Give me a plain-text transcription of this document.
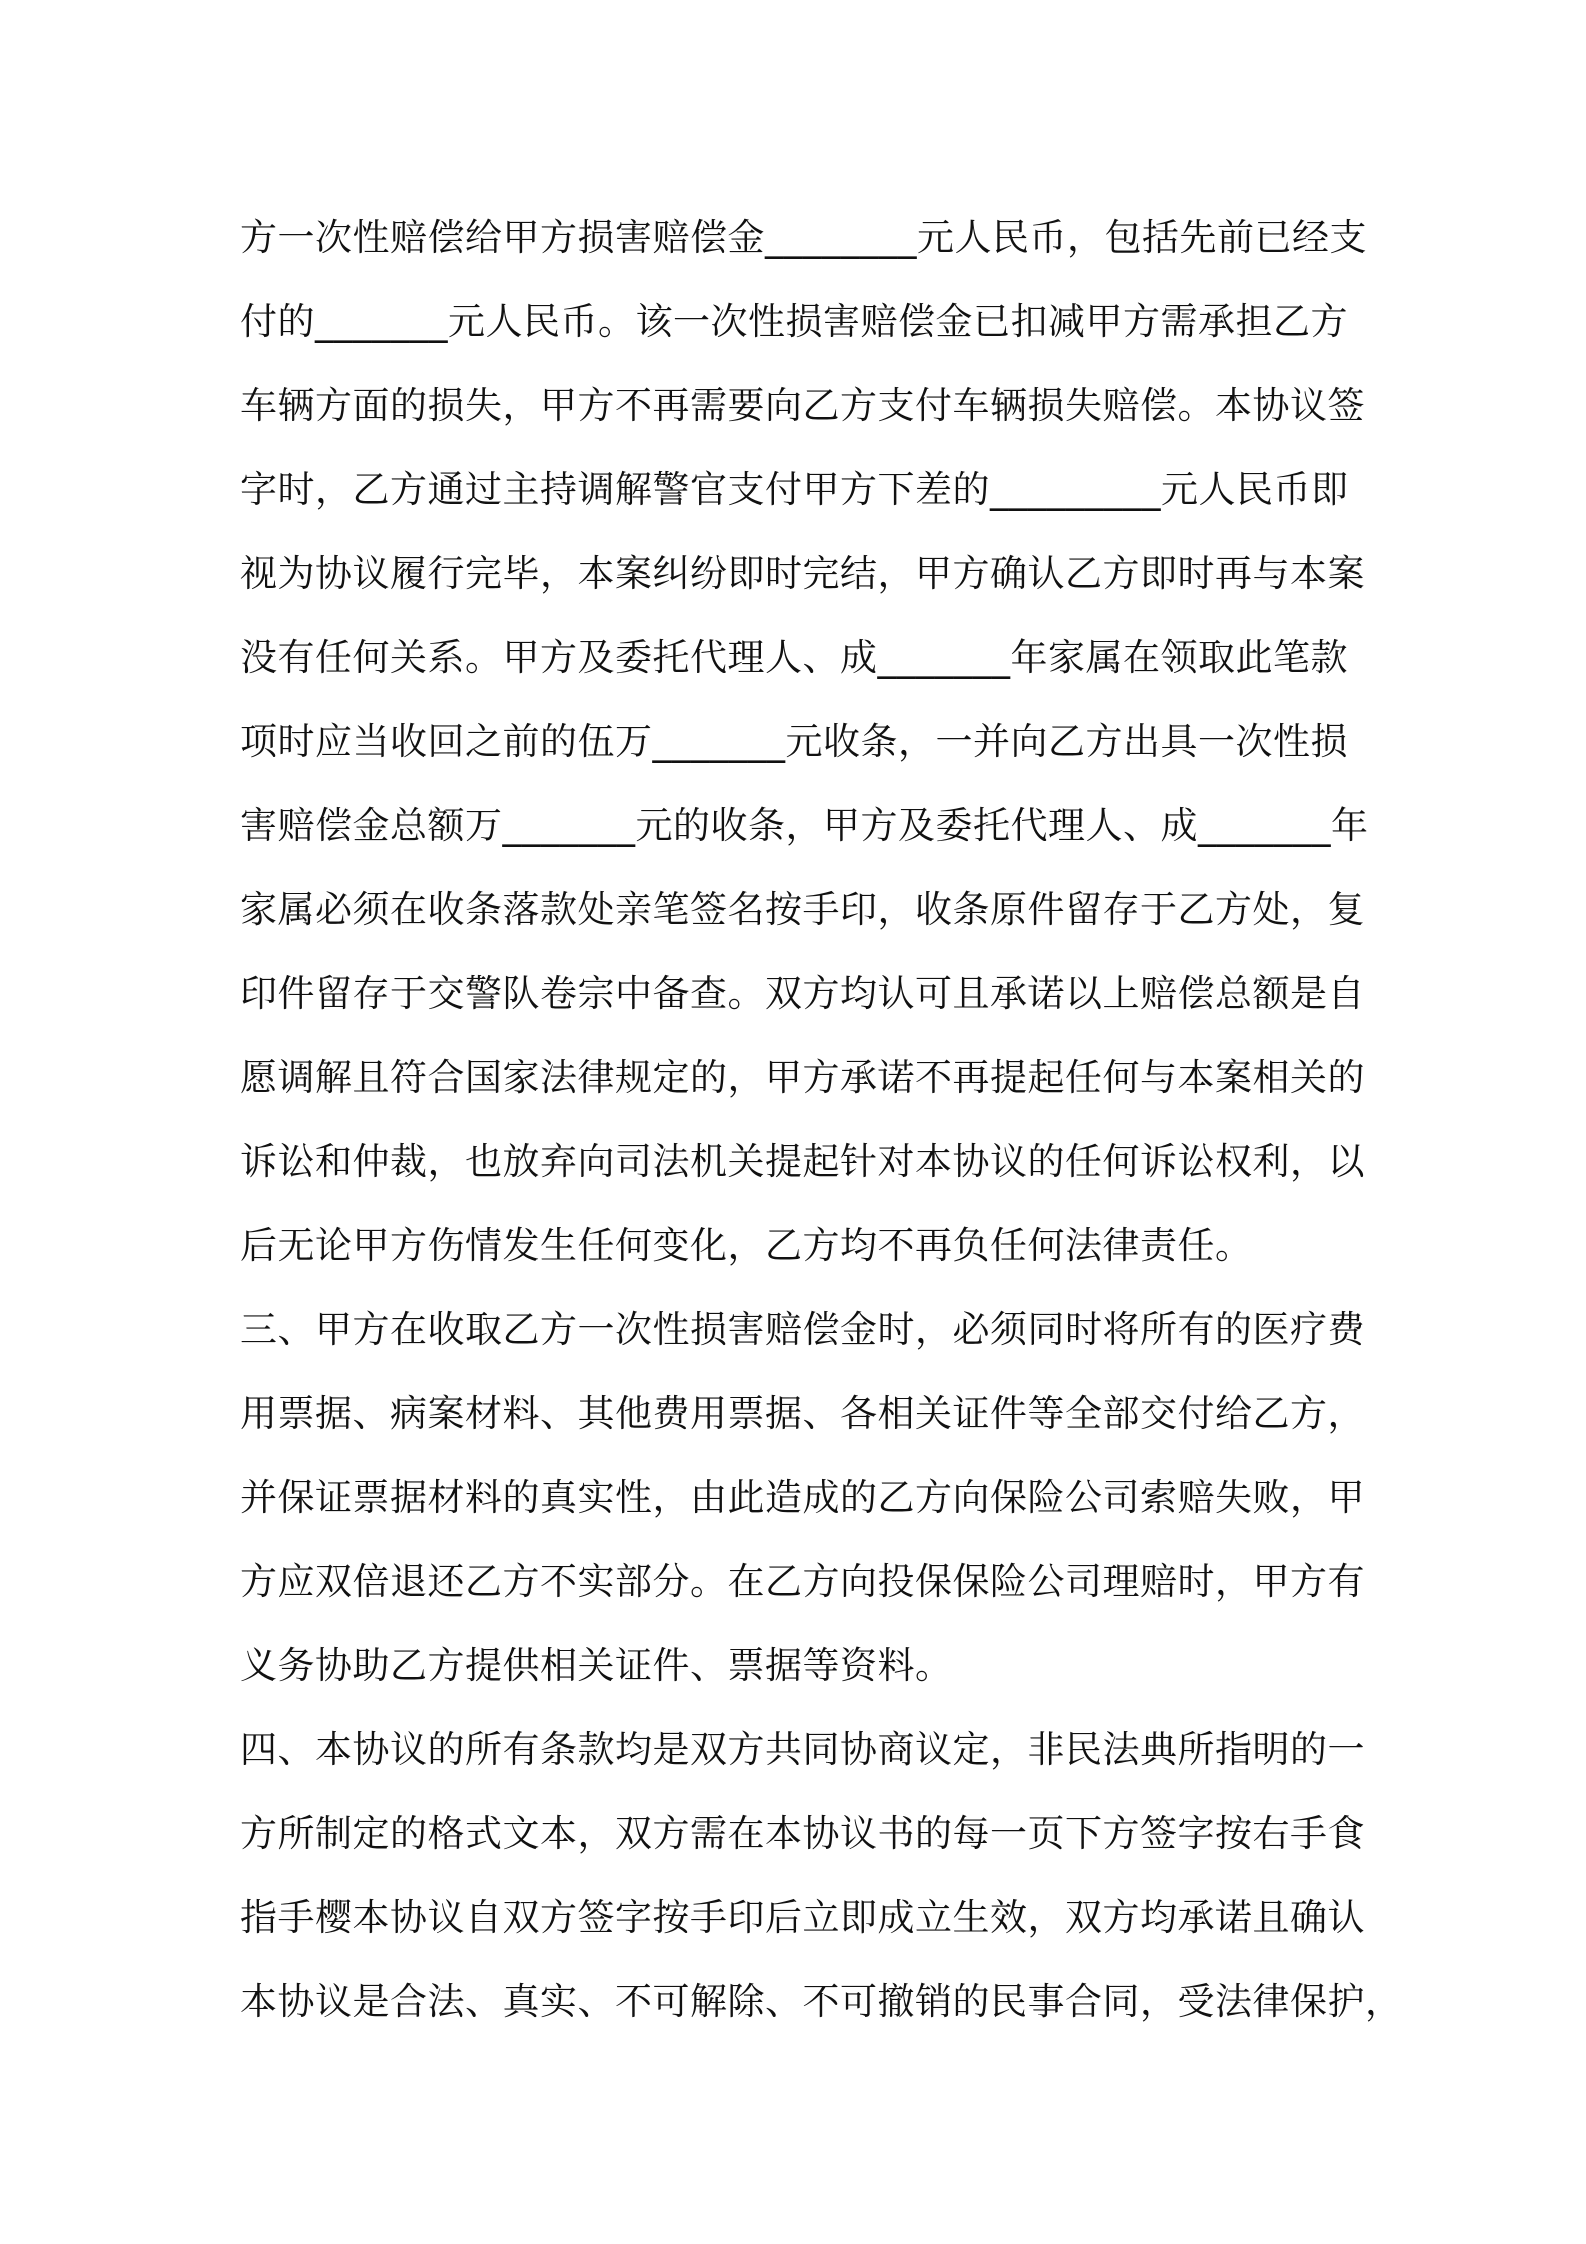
方一次性赔偿给甲方损害赔偿金________元人民币，包括先前已经支
付的_______元人民币。该一次性损害赔偿金已扣减甲方需承担乙方
车辆方面的损失，甲方不再需要向乙方支付车辆损失赔偿。本协议签
字时，乙方通过主持调解警官支付甲方下差的_________元人民币即
视为协议履行完毕，本案纠纷即时完结，甲方确认乙方即时再与本案
没有任何关系。甲方及委托代理人、成_______年家属在领取此笔款
项时应当收回之前的伍万_______元收条，一并向乙方出具一次性损
害赔偿金总额万_______元的收条，甲方及委托代理人、成_______年
家属必须在收条落款处亲笔签名按手印，收条原件留存于乙方处，复
印件留存于交警队卷宗中备查。双方均认可且承诺以上赔偿总额是自
愿调解且符合国家法律规定的，甲方承诺不再提起任何与本案相关的
诉讼和仲裁，也放弃向司法机关提起针对本协议的任何诉讼权利，以
后无论甲方伤情发生任何变化，乙方均不再负任何法律责任。
三、甲方在收取乙方一次性损害赔偿金时，必须同时将所有的医疗费
用票据、病案材料、其他费用票据、各相关证件等全部交付给乙方，
并保证票据材料的真实性，由此造成的乙方向保险公司索赔失败，甲
方应双倍退还乙方不实部分。在乙方向投保保险公司理赔时，甲方有
义务协助乙方提供相关证件、票据等资料。
四、本协议的所有条款均是双方共同协商议定，非民法典所指明的一
方所制定的格式文本，双方需在本协议书的每一页下方签字按右手食
指手樱本协议自双方签字按手印后立即成立生效，双方均承诺且确认
本协议是合法、真实、不可解除、不可撤销的民事合同，受法律保护，
